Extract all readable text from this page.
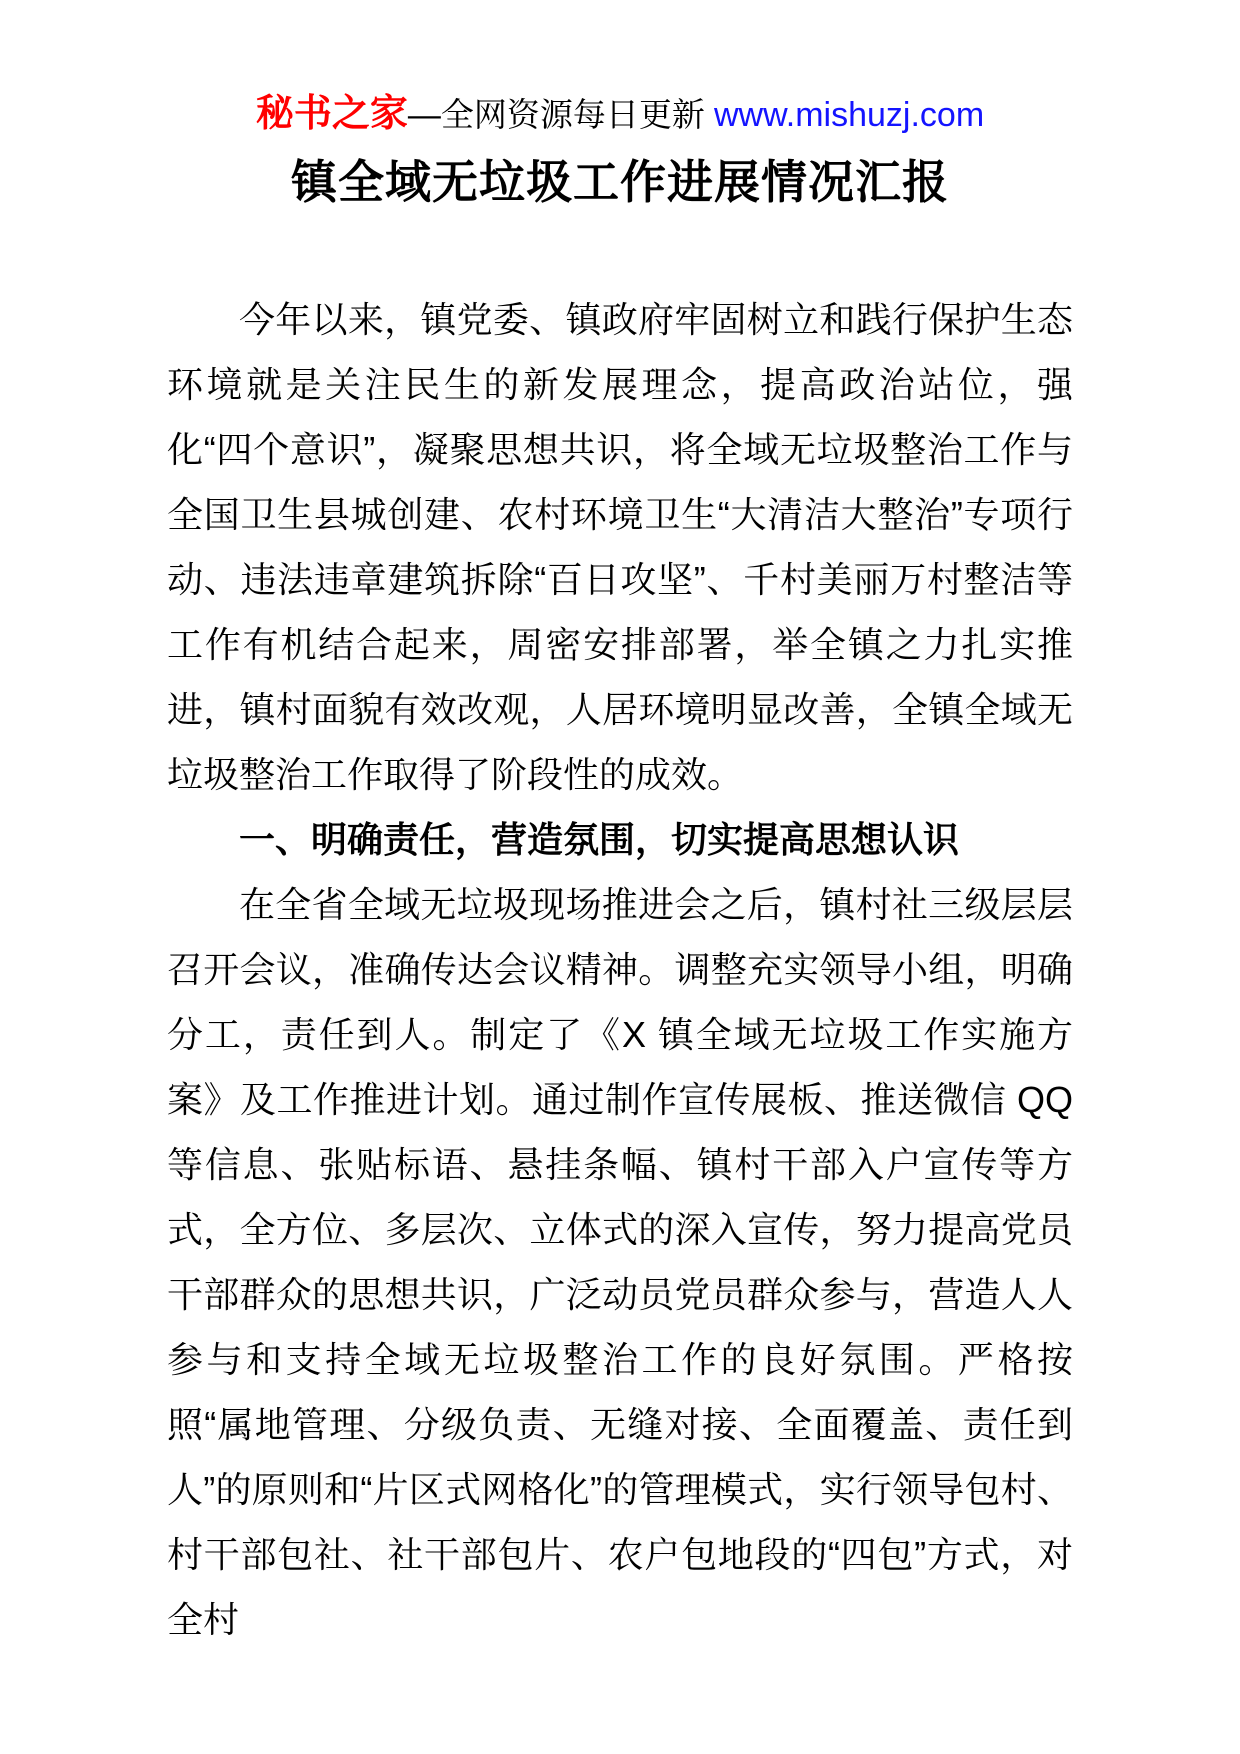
秘书之家—全网资源每日更新 www.mishuzj.com
镇全域无垃圾工作进展情况汇报

今年以来，镇党委、镇政府牢固树立和践行保护生态环境就是关注民生的新发展理念，提高政治站位，强化“四个意识”，凝聚思想共识，将全域无垃圾整治工作与全国卫生县城创建、农村环境卫生“大清洁大整治”专项行动、违法违章建筑拆除“百日攻坚”、千村美丽万村整洁等工作有机结合起来，周密安排部署，举全镇之力扎实推进，镇村面貌有效改观，人居环境明显改善，全镇全域无垃圾整治工作取得了阶段性的成效。

一、明确责任，营造氛围，切实提高思想认识

在全省全域无垃圾现场推进会之后，镇村社三级层层召开会议，准确传达会议精神。调整充实领导小组，明确分工，责任到人。制定了《X 镇全域无垃圾工作实施方案》及工作推进计划。通过制作宣传展板、推送微信 QQ 等信息、张贴标语、悬挂条幅、镇村干部入户宣传等方式，全方位、多层次、立体式的深入宣传，努力提高党员干部群众的思想共识，广泛动员党员群众参与，营造人人参与和支持全域无垃圾整治工作的良好氛围。严格按照“属地管理、分级负责、无缝对接、全面覆盖、责任到人”的原则和“片区式网格化”的管理模式，实行领导包村、村干部包社、社干部包片、农户包地段的“四包”方式，对全村
